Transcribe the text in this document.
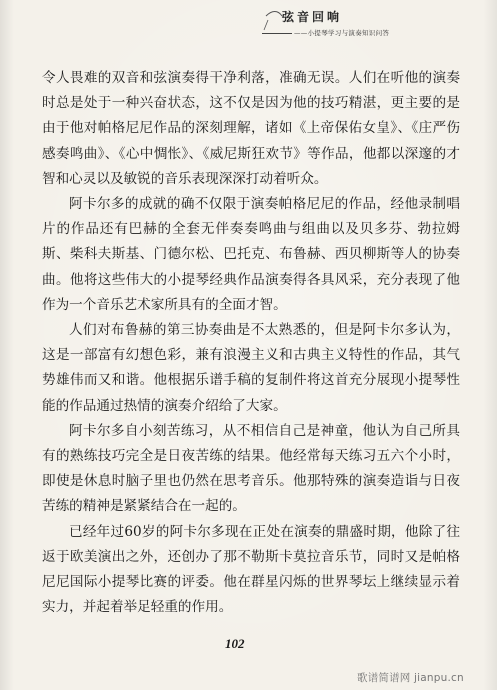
弦音回响
——小提琴学习与演奏知识问答

令人畏难的双音和弦演奏得干净利落，准确无误。人们在听他的演奏时总是处于一种兴奋状态，这不仅是因为他的技巧精湛，更主要的是由于他对帕格尼尼作品的深刻理解，诸如《上帝保佑女皇》、《庄严伤感奏鸣曲》、《心中惆怅》、《威尼斯狂欢节》等作品，他都以深邃的才智和心灵以及敏锐的音乐表现深深打动着听众。

阿卡尔多的成就的确不仅限于演奏帕格尼尼的作品，经他录制唱片的作品还有巴赫的全套无伴奏奏鸣曲与组曲以及贝多芬、勃拉姆斯、柴科夫斯基、门德尔松、巴托克、布鲁赫、西贝柳斯等人的协奏曲。他将这些伟大的小提琴经典作品演奏得各具风采，充分表现了他作为一个音乐艺术家所具有的全面才智。

人们对布鲁赫的第三协奏曲是不太熟悉的，但是阿卡尔多认为，这是一部富有幻想色彩，兼有浪漫主义和古典主义特性的作品，其气势雄伟而又和谐。他根据乐谱手稿的复制件将这首充分展现小提琴性能的作品通过热情的演奏介绍给了大家。

阿卡尔多自小刻苦练习，从不相信自己是神童，他认为自己所具有的熟练技巧完全是日夜苦练的结果。他经常每天练习五六个小时，即使是休息时脑子里也仍然在思考音乐。他那特殊的演奏造诣与日夜苦练的精神是紧紧结合在一起的。

已经年过60岁的阿卡尔多现在正处在演奏的鼎盛时期，他除了往返于欧美演出之外，还创办了那不勒斯卡莫拉音乐节，同时又是帕格尼尼国际小提琴比赛的评委。他在群星闪烁的世界琴坛上继续显示着实力，并起着举足轻重的作用。

102
歌谱简谱网 jianpu.cn
